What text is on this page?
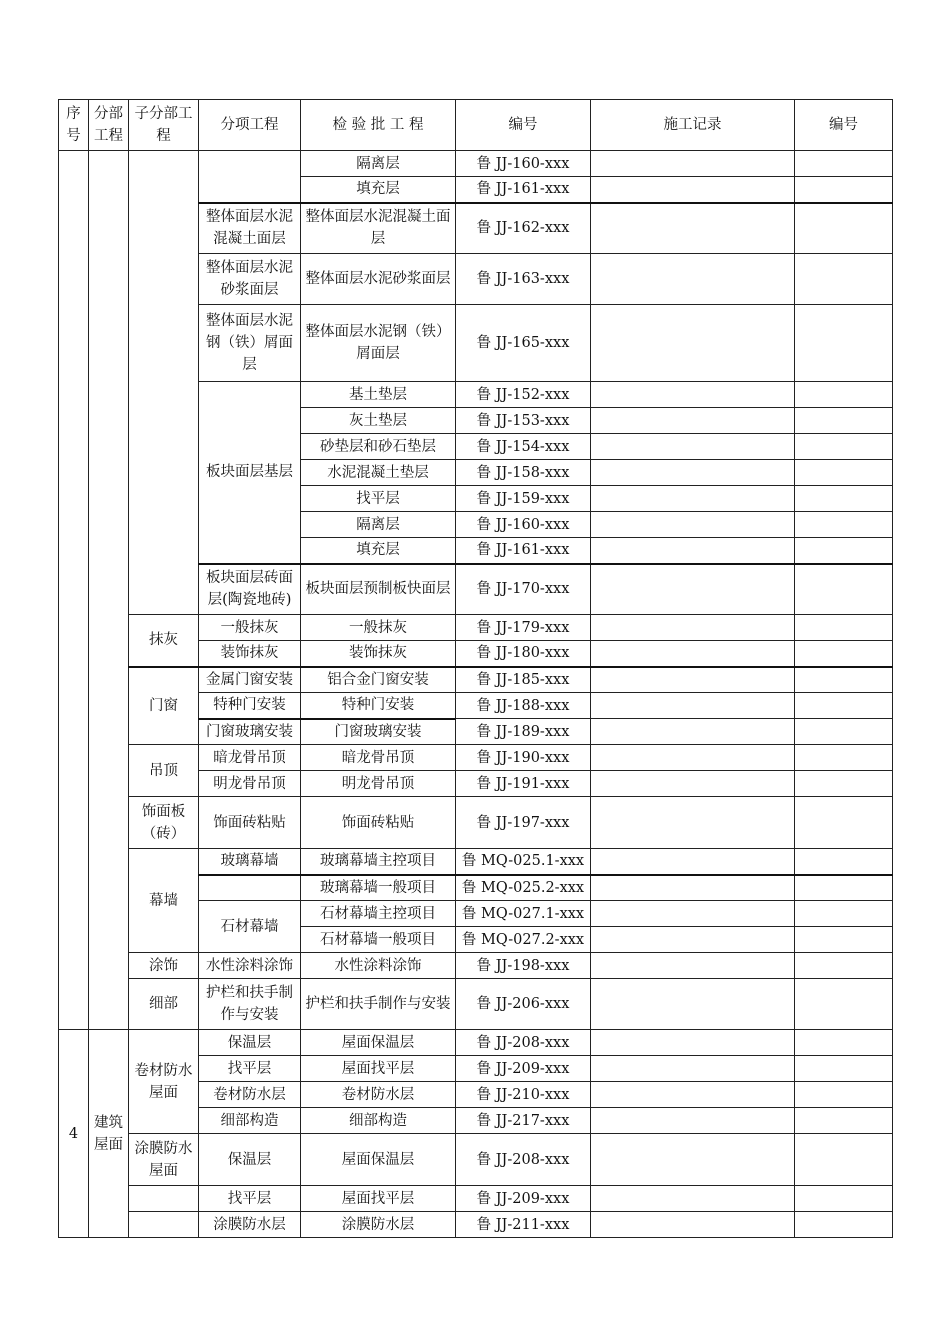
序号	分部工程	子分部工程	分项工程	检 验 批 工 程	编号	施工记录	编号
				隔离层	鲁 JJ-160-xxx		
				填充层	鲁 JJ-161-xxx		
			整体面层水泥混凝土面层	整体面层水泥混凝土面层	鲁 JJ-162-xxx		
			整体面层水泥砂浆面层	整体面层水泥砂浆面层	鲁 JJ-163-xxx		
			整体面层水泥钢（铁）屑面层	整体面层水泥钢（铁）屑面层	鲁 JJ-165-xxx		
			板块面层基层	基土垫层	鲁 JJ-152-xxx		
				灰土垫层	鲁 JJ-153-xxx		
				砂垫层和砂石垫层	鲁 JJ-154-xxx		
				水泥混凝土垫层	鲁 JJ-158-xxx		
				找平层	鲁 JJ-159-xxx		
				隔离层	鲁 JJ-160-xxx		
				填充层	鲁 JJ-161-xxx		
			板块面层砖面层(陶瓷地砖)	板块面层预制板快面层	鲁 JJ-170-xxx		
		抹灰	一般抹灰	一般抹灰	鲁 JJ-179-xxx		
			装饰抹灰	装饰抹灰	鲁 JJ-180-xxx		
		门窗	金属门窗安装	铝合金门窗安装	鲁 JJ-185-xxx		
			特种门安装	特种门安装	鲁 JJ-188-xxx		
			门窗玻璃安装	门窗玻璃安装	鲁 JJ-189-xxx		
		吊顶	暗龙骨吊顶	暗龙骨吊顶	鲁 JJ-190-xxx		
			明龙骨吊顶	明龙骨吊顶	鲁 JJ-191-xxx		
		饰面板（砖）	饰面砖粘贴	饰面砖粘贴	鲁 JJ-197-xxx		
		幕墙	玻璃幕墙	玻璃幕墙主控项目	鲁 MQ-025.1-xxx		
				玻璃幕墙一般项目	鲁 MQ-025.2-xxx		
			石材幕墙	石材幕墙主控项目	鲁 MQ-027.1-xxx		
				石材幕墙一般项目	鲁 MQ-027.2-xxx		
		涂饰	水性涂料涂饰	水性涂料涂饰	鲁 JJ-198-xxx		
		细部	护栏和扶手制作与安装	护栏和扶手制作与安装	鲁 JJ-206-xxx		
4	建筑屋面	卷材防水屋面	保温层	屋面保温层	鲁 JJ-208-xxx		
			找平层	屋面找平层	鲁 JJ-209-xxx		
			卷材防水层	卷材防水层	鲁 JJ-210-xxx		
			细部构造	细部构造	鲁 JJ-217-xxx		
		涂膜防水屋面	保温层	屋面保温层	鲁 JJ-208-xxx		
			找平层	屋面找平层	鲁 JJ-209-xxx		
			涂膜防水层	涂膜防水层	鲁 JJ-211-xxx		
